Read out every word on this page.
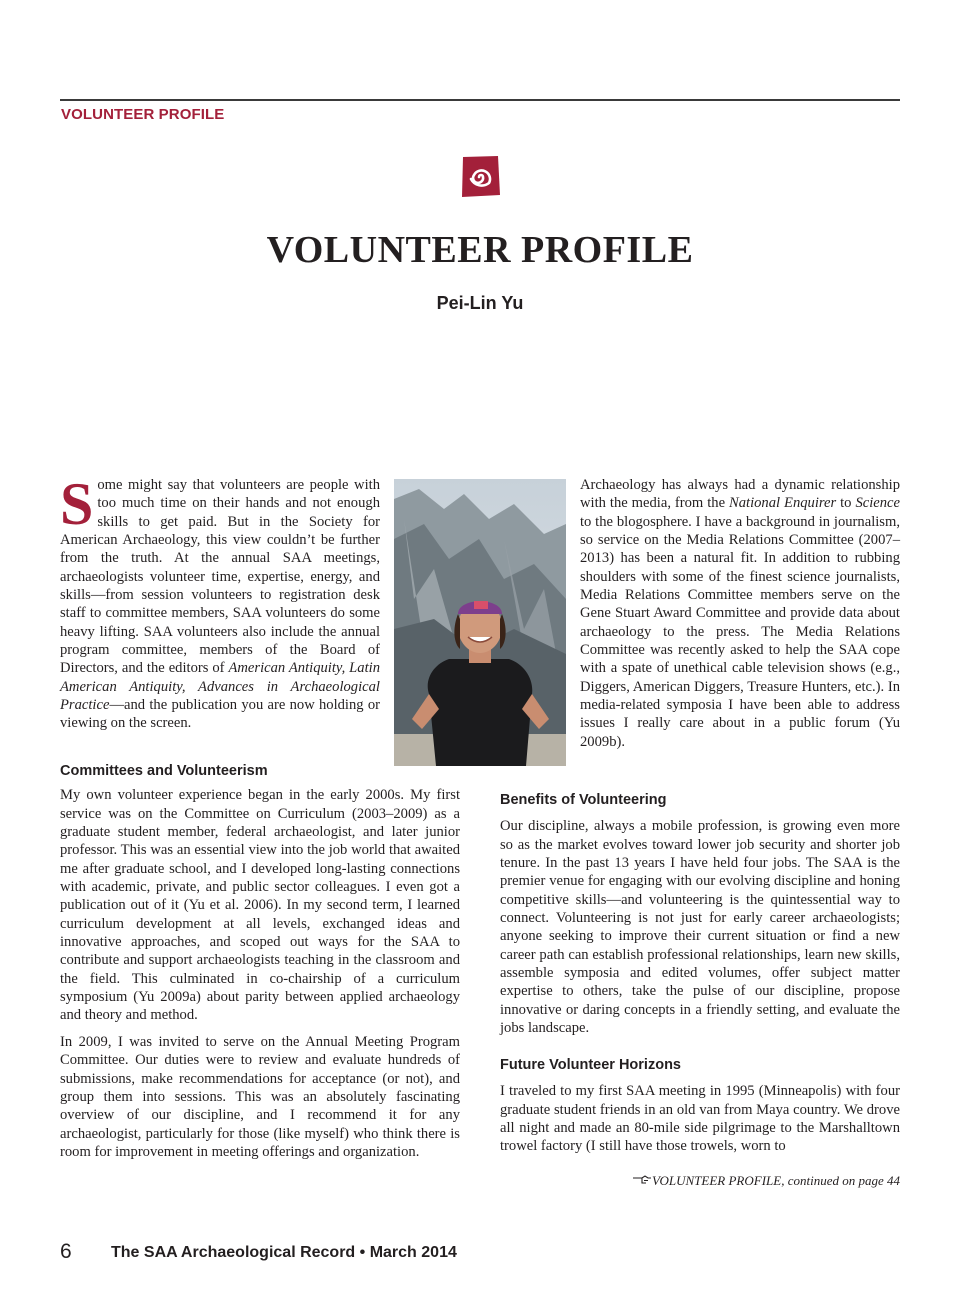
VOLUNTEER PROFILE
VOLUNTEER PROFILE
Pei-Lin Yu
Some might say that volunteers are people with too much time on their hands and not enough skills to get paid. But in the Society for American Archaeology, this view couldn’t be further from the truth. At the annual SAA meetings, archaeologists volunteer time, expertise, energy, and skills—from session volunteers to registration desk staff to committee members, SAA volunteers do some heavy lifting. SAA volunteers also include the annual program committee, members of the Board of Directors, and the editors of American Antiquity, Latin American Antiquity, Advances in Archaeological Practice—and the publication you are now holding or viewing on the screen.
Committees and Volunteerism

My own volunteer experience began in the early 2000s. My first service was on the Committee on Curriculum (2003–2009) as a graduate student member, federal archaeologist, and later junior professor. This was an essential view into the job world that awaited me after graduate school, and I developed long-lasting connections with academic, private, and public sector colleagues. I even got a publication out of it (Yu et al. 2006). In my second term, I learned curriculum development at all levels, exchanged ideas and innovative approaches, and scoped out ways for the SAA to contribute and support archaeologists teaching in the classroom and the field. This culminated in co-chairship of a curriculum symposium (Yu 2009a) about parity between applied archaeology and theory and method.

In 2009, I was invited to serve on the Annual Meeting Program Committee. Our duties were to review and evaluate hundreds of submissions, make recommendations for acceptance (or not), and group them into sessions. This was an absolutely fascinating overview of our discipline, and I recommend it for any archaeologist, particularly for those (like myself) who think there is room for improvement in meeting offerings and organization.

Archaeology has always had a dynamic relationship with the media, from the National Enquirer to Science to the blogosphere. I have a background in journalism, so service on the Media Relations Committee (2007–2013) has been a natural fit. In addition to rubbing shoulders with some of the finest science journalists, Media Relations Committee members serve on the Gene Stuart Award Committee and provide data about archaeology to the press. The Media Relations Committee was recently asked to help the SAA cope with a spate of unethical cable television shows (e.g., Diggers, American Diggers, Treasure Hunters, etc.). In media-related symposia I have been able to address issues I really care about in a public forum (Yu 2009b).
Benefits of Volunteering

Our discipline, always a mobile profession, is growing even more so as the market evolves toward lower job security and shorter job tenure. In the past 13 years I have held four jobs. The SAA is the premier venue for engaging with our evolving discipline and honing competitive skills—and volunteering is the quintessential way to connect. Volunteering is not just for early career archaeologists; anyone seeking to improve their current situation or find a new career path can establish professional relationships, learn new skills, assemble symposia and edited volumes, offer subject matter expertise to others, take the pulse of our discipline, propose innovative or daring concepts in a friendly setting, and evaluate the jobs landscape.

Future Volunteer Horizons

I traveled to my first SAA meeting in 1995 (Minneapolis) with four graduate student friends in an old van from Maya country. We drove all night and made an 80-mile side pilgrimage to the Marshalltown trowel factory (I still have those trowels, worn to

VOLUNTEER PROFILE, continued on page 44
6 The SAA Archaeological Record • March 2014
